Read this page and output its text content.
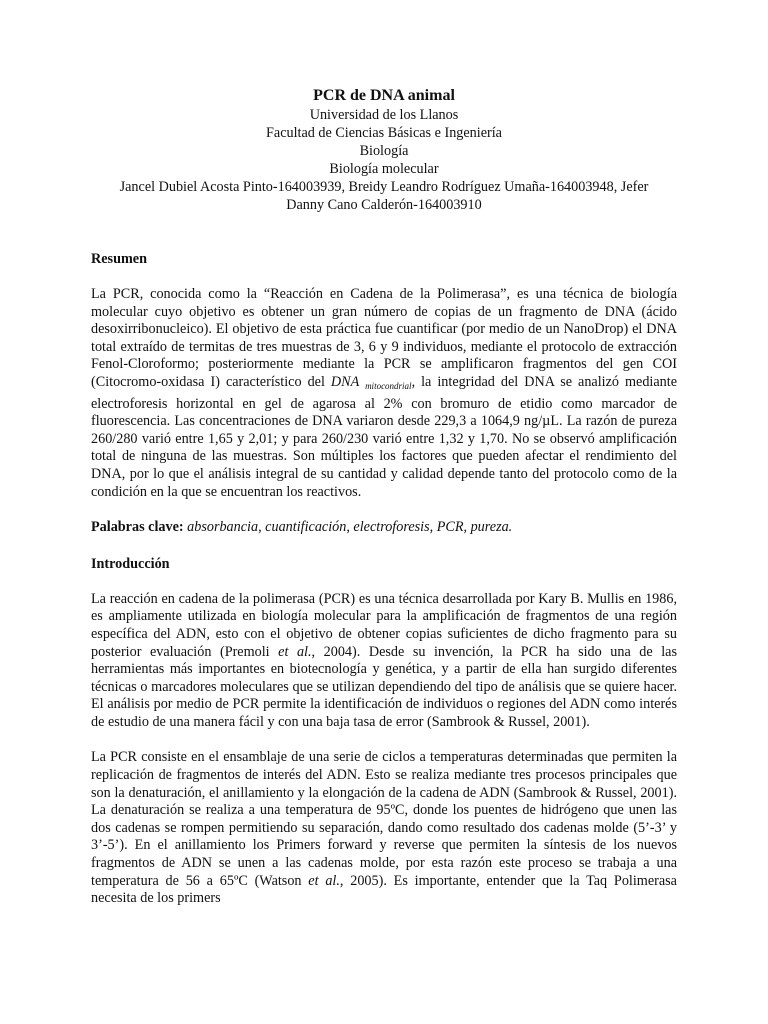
PCR de DNA animal
Universidad de los Llanos
Facultad de Ciencias Básicas e Ingeniería
Biología
Biología molecular
Jancel Dubiel Acosta Pinto-164003939, Breidy Leandro Rodríguez Umaña-164003948, Jefer
Danny Cano Calderón-164003910
Resumen

La PCR, conocida como la “Reacción en Cadena de la Polimerasa”, es una técnica de biología molecular cuyo objetivo es obtener un gran número de copias de un fragmento de DNA (ácido desoxirribonucleico). El objetivo de esta práctica fue cuantificar (por medio de un NanoDrop) el DNA total extraído de termitas de tres muestras de 3, 6 y 9 individuos, mediante el protocolo de extracción Fenol-Cloroformo; posteriormente mediante la PCR se amplificaron fragmentos del gen COI (Citocromo-oxidasa I) característico del DNA $_{mitocondrial}$, la integridad del DNA se analizó mediante electroforesis horizontal en gel de agarosa al 2% con bromuro de etidio como marcador de fluorescencia. Las concentraciones de DNA variaron desde 229,3 a 1064,9 ng/µL. La razón de pureza 260/280 varió entre 1,65 y 2,01; y para 260/230 varió entre 1,32 y 1,70. No se observó amplificación total de ninguna de las muestras. Son múltiples los factores que pueden afectar el rendimiento del DNA, por lo que el análisis integral de su cantidad y calidad depende tanto del protocolo como de la condición en la que se encuentran los reactivos.

Palabras clave: absorbancia, cuantificación, electroforesis, PCR, pureza.

Introducción

La reacción en cadena de la polimerasa (PCR) es una técnica desarrollada por Kary B. Mullis en 1986, es ampliamente utilizada en biología molecular para la amplificación de fragmentos de una región específica del ADN, esto con el objetivo de obtener copias suficientes de dicho fragmento para su posterior evaluación (Premoli et al., 2004). Desde su invención, la PCR ha sido una de las herramientas más importantes en biotecnología y genética, y a partir de ella han surgido diferentes técnicas o marcadores moleculares que se utilizan dependiendo del tipo de análisis que se quiere hacer. El análisis por medio de PCR permite la identificación de individuos o regiones del ADN como interés de estudio de una manera fácil y con una baja tasa de error (Sambrook & Russel, 2001).

La PCR consiste en el ensamblaje de una serie de ciclos a temperaturas determinadas que permiten la replicación de fragmentos de interés del ADN. Esto se realiza mediante tres procesos principales que son la denaturación, el anillamiento y la elongación de la cadena de ADN (Sambrook & Russel, 2001). La denaturación se realiza a una temperatura de 95ºC, donde los puentes de hidrógeno que unen las dos cadenas se rompen permitiendo su separación, dando como resultado dos cadenas molde (5’-3’ y 3’-5’). En el anillamiento los Primers forward y reverse que permiten la síntesis de los nuevos fragmentos de ADN se unen a las cadenas molde, por esta razón este proceso se trabaja a una temperatura de 56 a 65ºC (Watson et al., 2005). Es importante, entender que la Taq Polimerasa necesita de los primers
